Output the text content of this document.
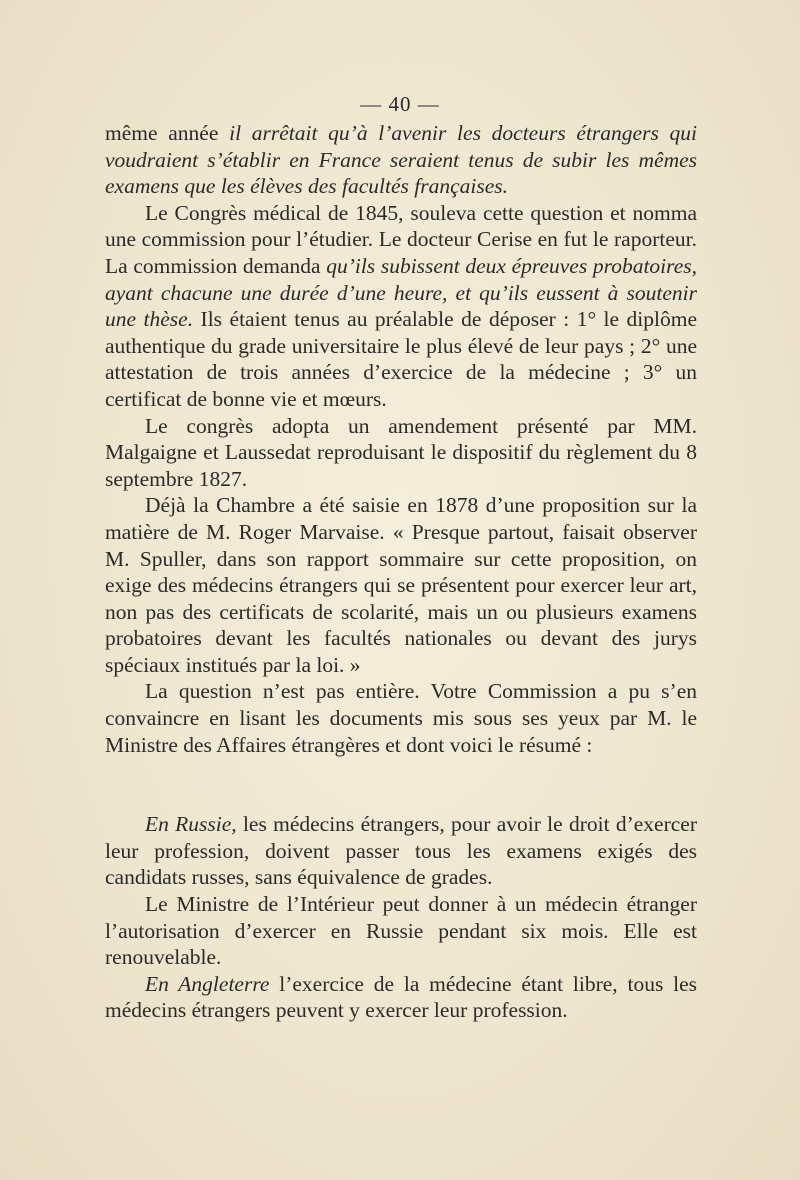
— 40 —

même année il arrêtait qu’à l’avenir les docteurs étrangers qui voudraient s’établir en France seraient tenus de subir les mêmes examens que les élèves des facultés françaises.

Le Congrès médical de 1845, souleva cette question et nomma une commission pour l’étudier. Le docteur Cerise en fut le raporteur. La commission demanda qu’ils subissent deux épreuves probatoires, ayant chacune une durée d’une heure, et qu’ils eussent à soutenir une thèse. Ils étaient tenus au préalable de déposer : 1° le diplôme authentique du grade universitaire le plus élevé de leur pays ; 2° une attestation de trois années d’exercice de la médecine ; 3° un certificat de bonne vie et mœurs.

Le congrès adopta un amendement présenté par MM. Malgaigne et Laussedat reproduisant le dispositif du règlement du 8 septembre 1827.

Déjà la Chambre a été saisie en 1878 d’une proposition sur la matière de M. Roger Marvaise. « Presque partout, faisait observer M. Spuller, dans son rapport sommaire sur cette proposition, on exige des médecins étrangers qui se présentent pour exercer leur art, non pas des certificats de scolarité, mais un ou plusieurs examens probatoires devant les facultés nationales ou devant des jurys spéciaux institués par la loi. »

La question n’est pas entière. Votre Commission a pu s’en convaincre en lisant les documents mis sous ses yeux par M. le Ministre des Affaires étrangères et dont voici le résumé :

En Russie, les médecins étrangers, pour avoir le droit d’exercer leur profession, doivent passer tous les examens exigés des candidats russes, sans équivalence de grades.

Le Ministre de l’Intérieur peut donner à un médecin étranger l’autorisation d’exercer en Russie pendant six mois. Elle est renouvelable.

En Angleterre l’exercice de la médecine étant libre, tous les médecins étrangers peuvent y exercer leur profession.
